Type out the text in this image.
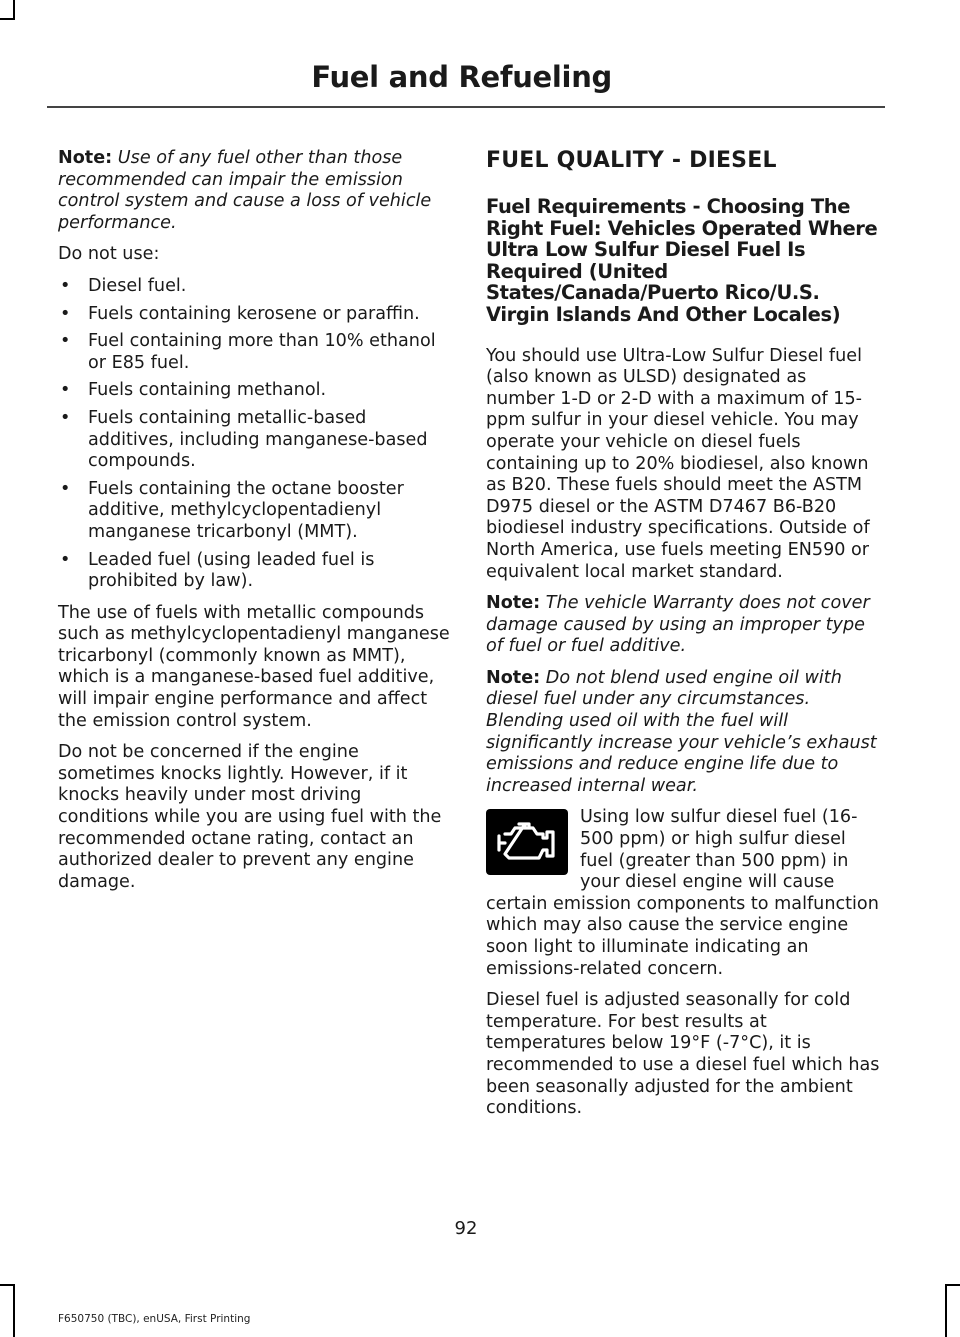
Fuel and Refueling

Note: Use of any fuel other than those recommended can impair the emission control system and cause a loss of vehicle performance.

Do not use:

• Diesel fuel.
• Fuels containing kerosene or paraffin.
• Fuel containing more than 10% ethanol or E85 fuel.
• Fuels containing methanol.
• Fuels containing metallic-based additives, including manganese-based compounds.
• Fuels containing the octane booster additive, methylcyclopentadienyl manganese tricarbonyl (MMT).
• Leaded fuel (using leaded fuel is prohibited by law).

The use of fuels with metallic compounds such as methylcyclopentadienyl manganese tricarbonyl (commonly known as MMT), which is a manganese-based fuel additive, will impair engine performance and affect the emission control system.

Do not be concerned if the engine sometimes knocks lightly. However, if it knocks heavily under most driving conditions while you are using fuel with the recommended octane rating, contact an authorized dealer to prevent any engine damage.

FUEL QUALITY - DIESEL
Fuel Requirements - Choosing The Right Fuel: Vehicles Operated Where Ultra Low Sulfur Diesel Fuel Is Required (United States/Canada/Puerto Rico/U.S. Virgin Islands And Other Locales)

You should use Ultra-Low Sulfur Diesel fuel (also known as ULSD) designated as number 1-D or 2-D with a maximum of 15-ppm sulfur in your diesel vehicle. You may operate your vehicle on diesel fuels containing up to 20% biodiesel, also known as B20. These fuels should meet the ASTM D975 diesel or the ASTM D7467 B6-B20 biodiesel industry specifications. Outside of North America, use fuels meeting EN590 or equivalent local market standard.

Note: The vehicle Warranty does not cover damage caused by using an improper type of fuel or fuel additive.

Note: Do not blend used engine oil with diesel fuel under any circumstances. Blending used oil with the fuel will significantly increase your vehicle’s exhaust emissions and reduce engine life due to increased internal wear.

Using low sulfur diesel fuel (16-500 ppm) or high sulfur diesel fuel (greater than 500 ppm) in your diesel engine will cause certain emission components to malfunction which may also cause the service engine soon light to illuminate indicating an emissions-related concern.

Diesel fuel is adjusted seasonally for cold temperature. For best results at temperatures below 19°F (-7°C), it is recommended to use a diesel fuel which has been seasonally adjusted for the ambient conditions.

92
F650750 (TBC), enUSA, First Printing
